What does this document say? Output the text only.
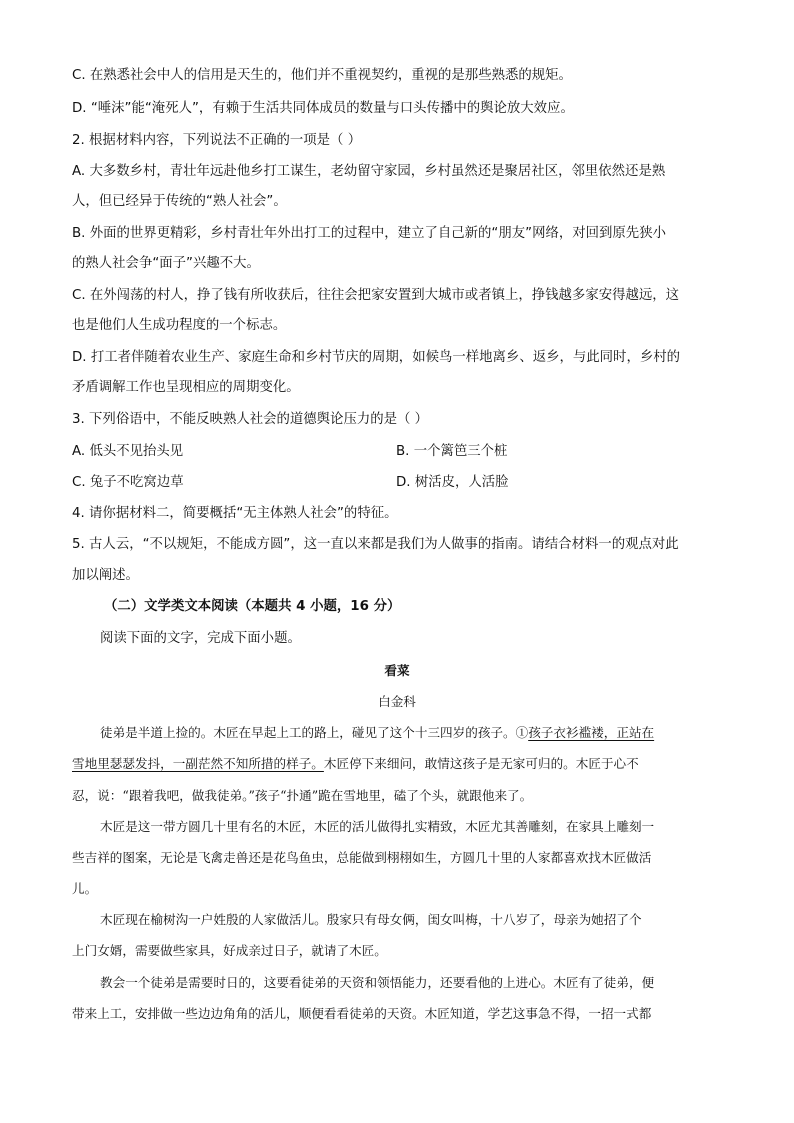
C. 在熟悉社会中人的信用是天生的，他们并不重视契约，重视的是那些熟悉的规矩。
D. “唾沫”能“淹死人”，有赖于生活共同体成员的数量与口头传播中的舆论放大效应。
2. 根据材料内容，下列说法不正确的一项是（ ）
A. 大多数乡村，青壮年远赴他乡打工谋生，老幼留守家园，乡村虽然还是聚居社区，邻里依然还是熟
人，但已经异于传统的“熟人社会”。
B. 外面的世界更精彩，乡村青壮年外出打工的过程中，建立了自己新的“朋友”网络，对回到原先狭小
的熟人社会争“面子”兴趣不大。
C. 在外闯荡的村人，挣了钱有所收获后，往往会把家安置到大城市或者镇上，挣钱越多家安得越远，这
也是他们人生成功程度的一个标志。
D. 打工者伴随着农业生产、家庭生命和乡村节庆的周期，如候鸟一样地离乡、返乡，与此同时，乡村的
矛盾调解工作也呈现相应的周期变化。
3. 下列俗语中，不能反映熟人社会的道德舆论压力的是（ ）
A. 低头不见抬头见	B. 一个篱笆三个桩
C. 兔子不吃窝边草	D. 树活皮，人活脸
4. 请你据材料二，简要概括“无主体熟人社会”的特征。
5. 古人云，“不以规矩，不能成方圆”，这一直以来都是我们为人做事的指南。请结合材料一的观点对此
加以阐述。
（二）文学类文本阅读（本题共 4 小题，16 分）
阅读下面的文字，完成下面小题。
看菜
白金科
徒弟是半道上捡的。木匠在早起上工的路上，碰见了这个十三四岁的孩子。①孩子衣衫褴褛，正站在
雪地里瑟瑟发抖，一副茫然不知所措的样子。木匠停下来细问，敢情这孩子是无家可归的。木匠于心不
忍，说：“跟着我吧，做我徒弟。”孩子“扑通”跪在雪地里，磕了个头，就跟他来了。
木匠是这一带方圆几十里有名的木匠，木匠的活儿做得扎实精致，木匠尤其善雕刻，在家具上雕刻一
些吉祥的图案，无论是飞禽走兽还是花鸟鱼虫，总能做到栩栩如生，方圆几十里的人家都喜欢找木匠做活
儿。
木匠现在榆树沟一户姓殷的人家做活儿。殷家只有母女俩，闺女叫梅，十八岁了，母亲为她招了个
上门女婿，需要做些家具，好成亲过日子，就请了木匠。
教会一个徒弟是需要时日的，这要看徒弟的天资和领悟能力，还要看他的上进心。木匠有了徒弟，便
带来上工，安排做一些边边角角的活儿，顺便看看徒弟的天资。木匠知道，学艺这事急不得，一招一式都
